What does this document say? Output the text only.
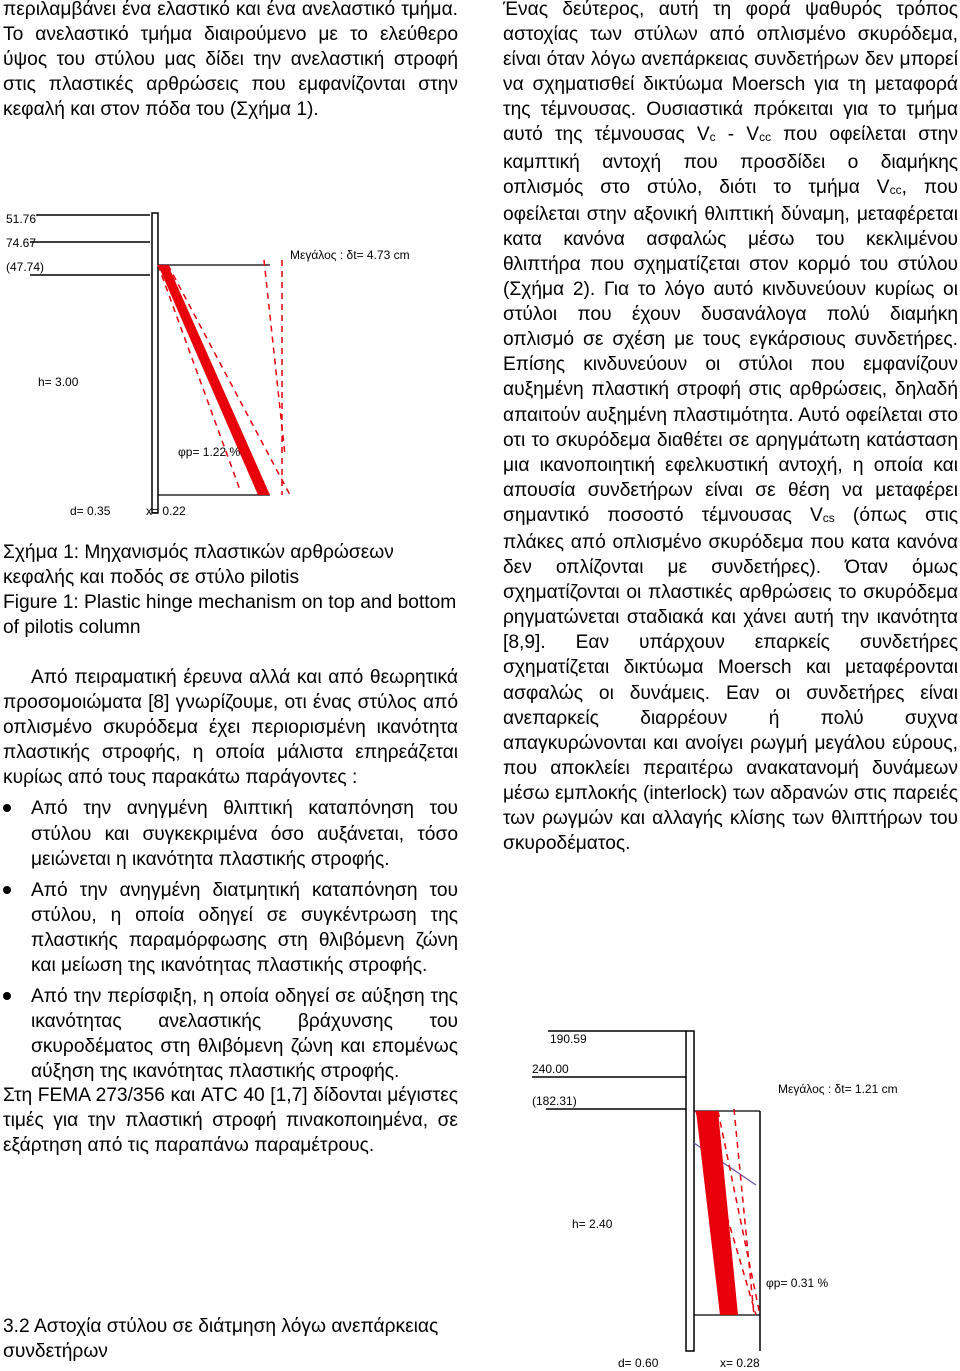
περιλαμβάνει ένα ελαστικό και ένα ανελαστικό τμήμα. Το ανελαστικό τμήμα διαιρούμενο με το ελεύθερο ύψος του στύλου μας δίδει την ανελαστική στροφή στις πλαστικές αρθρώσεις που εμφανίζονται στην κεφαλή και στον πόδα του (Σχήμα 1).

51.76
74.67
(47.74)
Μεγάλος : δt= 4.73 cm
h= 3.00
φp= 1.22 %
d= 0.35	x= 0.22

Σχήμα 1: Μηχανισμός πλαστικών αρθρώσεων κεφαλής και ποδός σε στύλο pilotis

Figure 1: Plastic hinge mechanism on top and bottom of pilotis column

Από πειραματική έρευνα αλλά και από θεωρητικά προσομοιώματα [8] γνωρίζουμε, οτι ένας στύλος από οπλισμένο σκυρόδεμα έχει περιορισμένη ικανότητα πλαστικής στροφής, η οποία μάλιστα επηρεάζεται κυρίως από τους παρακάτω παράγοντες :

Από την ανηγμένη θλιπτική καταπόνηση του στύλου και συγκεκριμένα όσο αυξάνεται, τόσο μειώνεται η ικανότητα πλαστικής στροφής.
Από την ανηγμένη διατμητική καταπόνηση του στύλου, η οποία οδηγεί σε συγκέντρωση της πλαστικής παραμόρφωσης στη θλιβόμενη ζώνη και μείωση της ικανότητας πλαστικής στροφής.
Από την περίσφιξη, η οποία οδηγεί σε αύξηση της ικανότητας ανελαστικής βράχυνσης του σκυροδέματος στη θλιβόμενη ζώνη και επομένως αύξηση της ικανότητας πλαστικής στροφής.

Στη FEMA 273/356 και ATC 40 [1,7] δίδονται μέγιστες τιμές για την πλαστική στροφή πινακοποιημένα, σε εξάρτηση από τις παραπάνω παραμέτρους.

3.2 Αστοχία στύλου σε διάτμηση λόγω ανεπάρκειας συνδετήρων

Ένας δεύτερος, αυτή τη φορά ψαθυρός τρόπος αστοχίας των στύλων από οπλισμένο σκυρόδεμα, είναι όταν λόγω ανεπάρκειας συνδετήρων δεν μπορεί να σχηματισθεί δικτύωμα Moersch για τη μεταφορά της τέμνουσας. Ουσιαστικά πρόκειται για το τμήμα αυτό της τέμνουσας $V_c - V_{cc}$ που οφείλεται στην καμπτική αντοχή που προσδίδει ο διαμήκης οπλισμός στο στύλο, διότι το τμήμα $V_{cc}$, που οφείλεται στην αξονική θλιπτική δύναμη, μεταφέρεται κατα κανόνα ασφαλώς μέσω του κεκλιμένου θλιπτήρα που σχηματίζεται στον κορμό του στύλου (Σχήμα 2). Για το λόγο αυτό κινδυνεύουν κυρίως οι στύλοι που έχουν δυσανάλογα πολύ διαμήκη οπλισμό σε σχέση με τους εγκάρσιους συνδετήρες. Επίσης κινδυνεύουν οι στύλοι που εμφανίζουν αυξημένη πλαστική στροφή στις αρθρώσεις, δηλαδή απαιτούν αυξημένη πλαστιμότητα. Αυτό οφείλεται στο οτι το σκυρόδεμα διαθέτει σε αρηγμάτωτη κατάσταση μια ικανοποιητική εφελκυστική αντοχή, η οποία και απουσία συνδετήρων είναι σε θέση να μεταφέρει σημαντικό ποσοστό τέμνουσας $V_{cs}$ (όπως στις πλάκες από οπλισμένο σκυρόδεμα που κατα κανόνα δεν οπλίζονται με συνδετήρες). Όταν όμως σχηματίζονται οι πλαστικές αρθρώσεις το σκυρόδεμα ρηγματώνεται σταδιακά και χάνει αυτή την ικανότητα [8,9]. Εαν υπάρχουν επαρκείς συνδετήρες σχηματίζεται δικτύωμα Moersch και μεταφέρονται ασφαλώς οι δυνάμεις. Εαν οι συνδετήρες είναι ανεπαρκείς διαρρέουν ή πολύ συχνα απαγκυρώνονται και ανοίγει ρωγμή μεγάλου εύρους, που αποκλείει περαιτέρω ανακατανομή δυνάμεων μέσω εμπλοκής (interlock) των αδρανών στις παρειές των ρωγμών και αλλαγής κλίσης των θλιπτήρων του σκυροδέματος.

190.59
240.00
(182.31)
Μεγάλος : δt= 1.21 cm
h= 2.40
φp= 0.31 %
d= 0.60	x= 0.28
